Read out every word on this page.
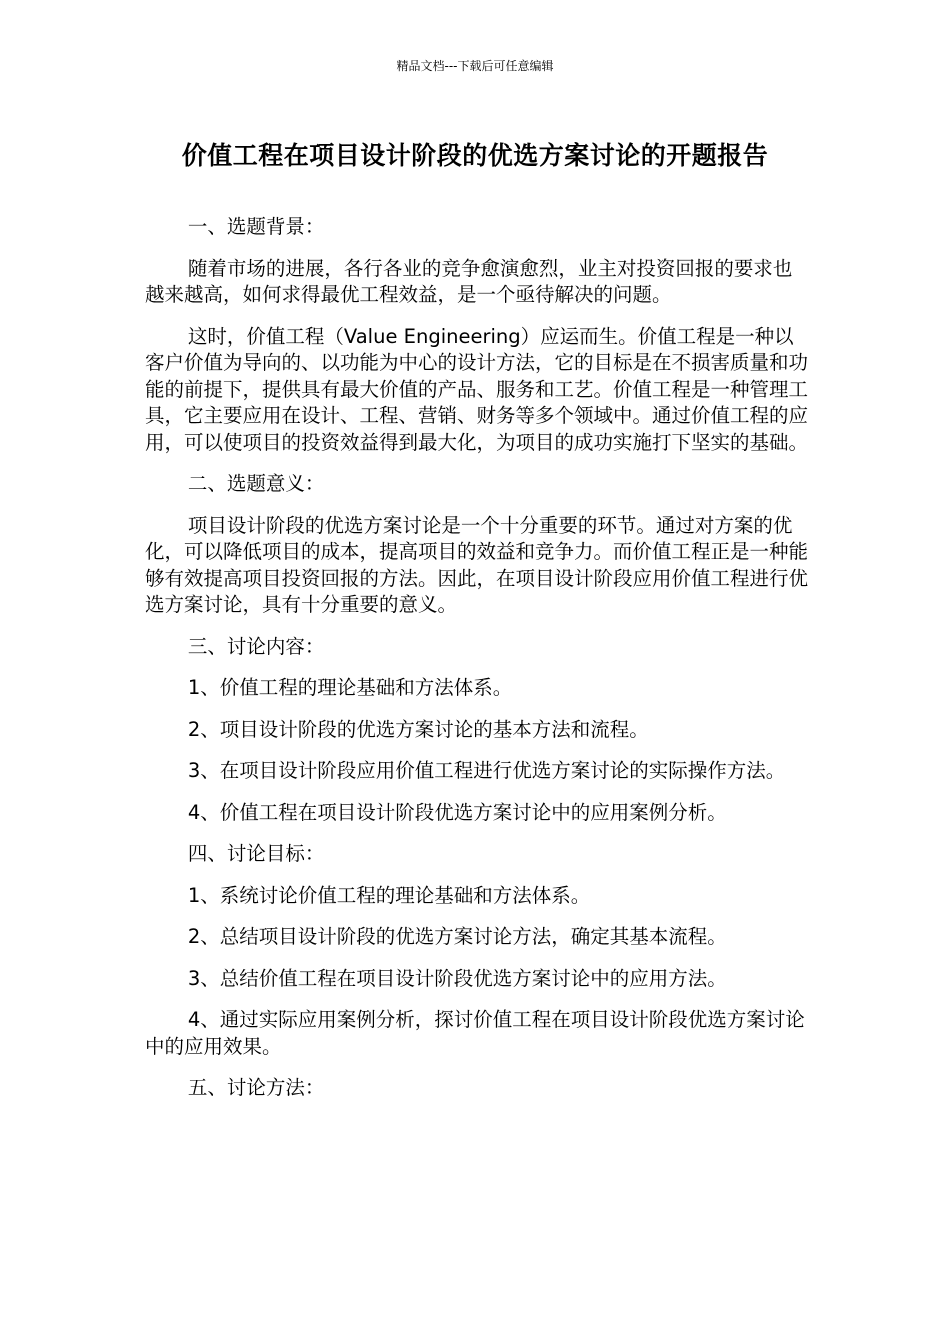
精品文档---下载后可任意编辑
价值工程在项目设计阶段的优选方案讨论的开题报告

一、选题背景：

随着市场的进展，各行各业的竞争愈演愈烈，业主对投资回报的要求也越来越高，如何求得最优工程效益，是一个亟待解决的问题。

这时，价值工程（Value Engineering）应运而生。价值工程是一种以客户价值为导向的、以功能为中心的设计方法，它的目标是在不损害质量和功能的前提下，提供具有最大价值的产品、服务和工艺。价值工程是一种管理工具，它主要应用在设计、工程、营销、财务等多个领域中。通过价值工程的应用，可以使项目的投资效益得到最大化，为项目的成功实施打下坚实的基础。

二、选题意义：

项目设计阶段的优选方案讨论是一个十分重要的环节。通过对方案的优化，可以降低项目的成本，提高项目的效益和竞争力。而价值工程正是一种能够有效提高项目投资回报的方法。因此，在项目设计阶段应用价值工程进行优选方案讨论，具有十分重要的意义。

三、讨论内容：

1、价值工程的理论基础和方法体系。

2、项目设计阶段的优选方案讨论的基本方法和流程。

3、在项目设计阶段应用价值工程进行优选方案讨论的实际操作方法。

4、价值工程在项目设计阶段优选方案讨论中的应用案例分析。

四、讨论目标：

1、系统讨论价值工程的理论基础和方法体系。

2、总结项目设计阶段的优选方案讨论方法，确定其基本流程。

3、总结价值工程在项目设计阶段优选方案讨论中的应用方法。

4、通过实际应用案例分析，探讨价值工程在项目设计阶段优选方案讨论中的应用效果。

五、讨论方法：
